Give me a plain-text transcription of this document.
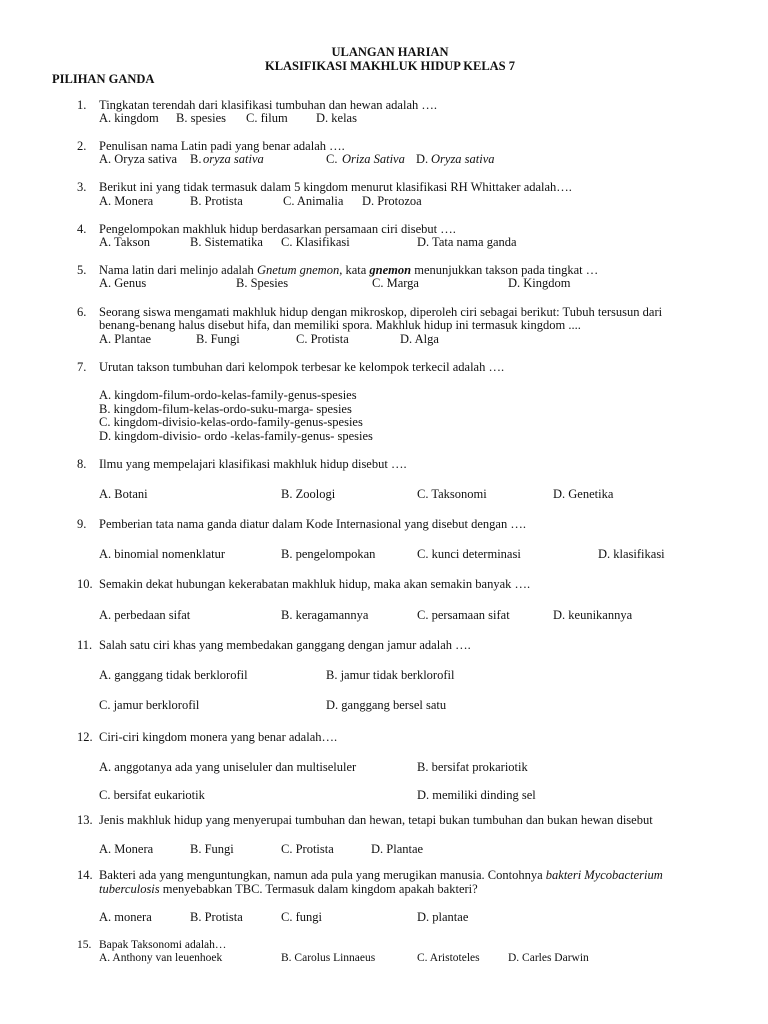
ULANGAN HARIAN
KLASIFIKASI MAKHLUK HIDUP KELAS 7
PILIHAN GANDA
1. Tingkatan terendah dari klasifikasi tumbuhan dan hewan adalah ….
A. kingdom B. spesies C. filum D. kelas
2. Penulisan nama Latin padi yang benar adalah ….
A. Oryza sativa B. oryza sativa	C. Oriza Sativa D. Oryza sativa
3. Berikut ini yang tidak termasuk dalam 5 kingdom menurut klasifikasi RH Whittaker adalah….
A. Monera	B. Protista	C. Animalia D. Protozoa
4. Pengelompokan makhluk hidup berdasarkan persamaan ciri disebut ….
A. Takson	B. Sistematika C. Klasifikasi	D. Tata nama ganda
5. Nama latin dari melinjo adalah Gnetum gnemon, kata gnemon menunjukkan takson pada tingkat …
A. Genus	B. Spesies	C. Marga	D. Kingdom
6. Seorang siswa mengamati makhluk hidup dengan mikroskop, diperoleh ciri sebagai berikut: Tubuh tersusun dari
benang-benang halus disebut hifa, dan memiliki spora. Makhluk hidup ini termasuk kingdom ....
A. Plantae	B. Fungi	C. Protista	D. Alga
7. Urutan takson tumbuhan dari kelompok terbesar ke kelompok terkecil adalah ….
A. kingdom-filum-ordo-kelas-family-genus-spesies
B. kingdom-filum-kelas-ordo-suku-marga- spesies
C. kingdom-divisio-kelas-ordo-family-genus-spesies
D. kingdom-divisio- ordo -kelas-family-genus- spesies
8. Ilmu yang mempelajari klasifikasi makhluk hidup disebut ….
A. Botani	B. Zoologi	C. Taksonomi	D. Genetika
9. Pemberian tata nama ganda diatur dalam Kode Internasional yang disebut dengan ….
A. binomial nomenklatur	B. pengelompokan	C. kunci determinasi	D. klasifikasi
10. Semakin dekat hubungan kekerabatan makhluk hidup, maka akan semakin banyak ….
A. perbedaan sifat	B. keragamannya	C. persamaan sifat	D. keunikannya
11. Salah satu ciri khas yang membedakan ganggang dengan jamur adalah ….
A. ganggang tidak berklorofil	B. jamur tidak berklorofil
C. jamur berklorofil	D. ganggang bersel satu
12. Ciri-ciri kingdom monera yang benar adalah….
A. anggotanya ada yang uniseluler dan multiseluler	B. bersifat prokariotik
C. bersifat eukariotik	D. memiliki dinding sel
13. Jenis makhluk hidup yang menyerupai tumbuhan dan hewan, tetapi bukan tumbuhan dan bukan hewan disebut
A. Monera	B. Fungi	C. Protista	D. Plantae
14. Bakteri ada yang menguntungkan, namun ada pula yang merugikan manusia. Contohnya bakteri Mycobacterium
tuberculosis menyebabkan TBC. Termasuk dalam kingdom apakah bakteri?
A. monera	B. Protista	C. fungi	D. plantae
15. Bapak Taksonomi adalah…
A. Anthony van leuenhoek	B. Carolus Linnaeus	C. Aristoteles D. Carles Darwin
